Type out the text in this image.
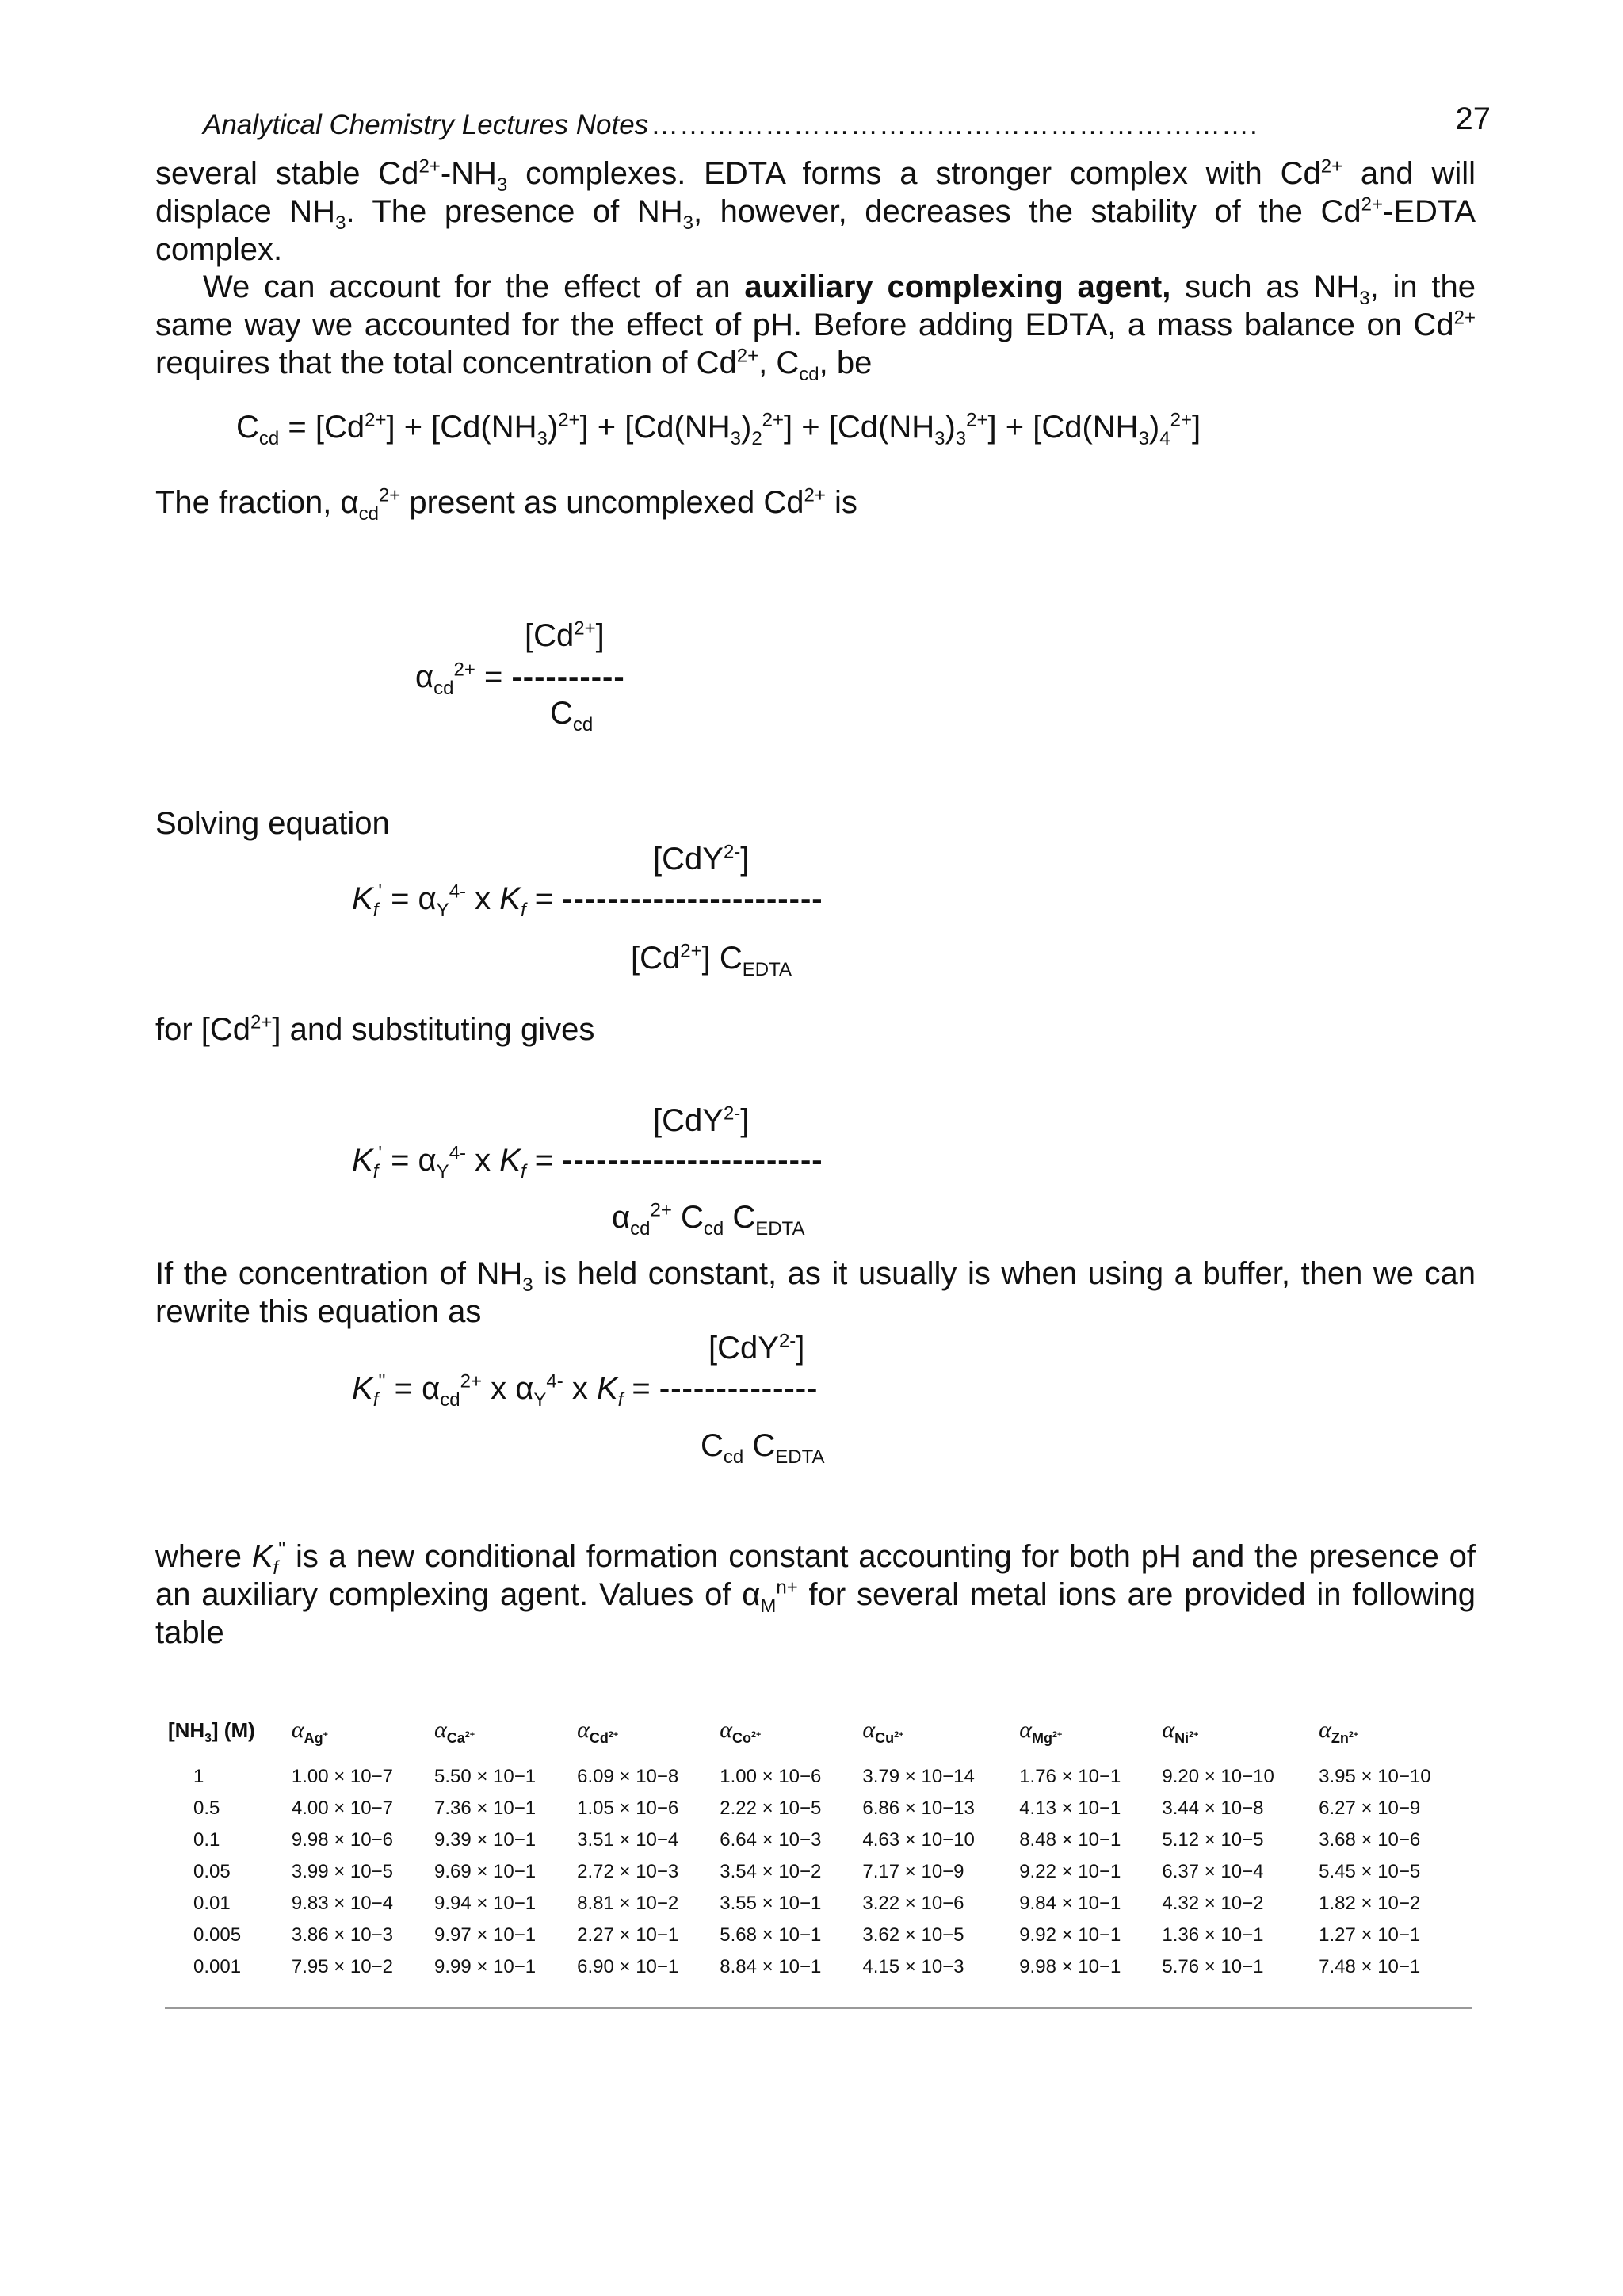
Analytical Chemistry Lectures Notes ……………………………………………………….	27

several stable $Cd^{2+}-NH_3$ complexes. EDTA forms a stronger complex with $Cd^{2+}$ and will displace $NH_3$. The presence of $NH_3$, however, decreases the stability of the $Cd^{2+}$-EDTA complex.

We can account for the effect of an auxiliary complexing agent, such as $NH_3$, in the same way we accounted for the effect of pH. Before adding EDTA, a mass balance on $Cd^{2+}$ requires that the total concentration of $Cd^{2+}$, $C_{cd}$, be

$C_{cd} = [Cd^{2+}] + [Cd(NH_3)^{2+}] + [Cd(NH_3)_2^{2+}] + [Cd(NH_3)_3^{2+}] + [Cd(NH_3)_4^{2+}]$

The fraction, $\alpha_{cd}^{2+}$ present as uncomplexed $Cd^{2+}$ is

$[Cd^{2+}]$
$\alpha_{cd}^{2+}$ = ----------
$C_{cd}$

Solving equation

[CdY$^{2-}$]
$K_f' = \alpha_Y^{4-}$ x $K_f$ = -----------------------
$[Cd^{2+}]$ $C_{EDTA}$

for $[Cd^{2+}]$ and substituting gives

[CdY$^{2-}$]
$K_f' = \alpha_Y^{4-}$ x $K_f$ = -----------------------
$\alpha_{cd}^{2+}$ $C_{cd}$ $C_{EDTA}$

If the concentration of $NH_3$ is held constant, as it usually is when using a buffer, then we can rewrite this equation as

[CdY$^{2-}$]
$K_f'' = \alpha_{cd}^{2+}$ x $\alpha_Y^{4-}$ x $K_f$ = --------------
$C_{cd}$ $C_{EDTA}$

where $K_f''$ is a new conditional formation constant accounting for both pH and the presence of an auxiliary complexing agent. Values of $\alpha_M^{n+}$ for several metal ions are provided in following table

$[NH_3]$ (M)	$\alpha_{Ag^+}$	$\alpha_{Ca^{2+}}$	$\alpha_{Cd^{2+}}$	$\alpha_{Co^{2+}}$	$\alpha_{Cu^{2+}}$	$\alpha_{Mg^{2+}}$	$\alpha_{Ni^{2+}}$	$\alpha_{Zn^{2+}}$
1	1.00 × 10−7	5.50 × 10−1	6.09 × 10−8	1.00 × 10−6	3.79 × 10−14	1.76 × 10−1	9.20 × 10−10	3.95 × 10−10
0.5	4.00 × 10−7	7.36 × 10−1	1.05 × 10−6	2.22 × 10−5	6.86 × 10−13	4.13 × 10−1	3.44 × 10−8	6.27 × 10−9
0.1	9.98 × 10−6	9.39 × 10−1	3.51 × 10−4	6.64 × 10−3	4.63 × 10−10	8.48 × 10−1	5.12 × 10−5	3.68 × 10−6
0.05	3.99 × 10−5	9.69 × 10−1	2.72 × 10−3	3.54 × 10−2	7.17 × 10−9	9.22 × 10−1	6.37 × 10−4	5.45 × 10−5
0.01	9.83 × 10−4	9.94 × 10−1	8.81 × 10−2	3.55 × 10−1	3.22 × 10−6	9.84 × 10−1	4.32 × 10−2	1.82 × 10−2
0.005	3.86 × 10−3	9.97 × 10−1	2.27 × 10−1	5.68 × 10−1	3.62 × 10−5	9.92 × 10−1	1.36 × 10−1	1.27 × 10−1
0.001	7.95 × 10−2	9.99 × 10−1	6.90 × 10−1	8.84 × 10−1	4.15 × 10−3	9.98 × 10−1	5.76 × 10−1	7.48 × 10−1
